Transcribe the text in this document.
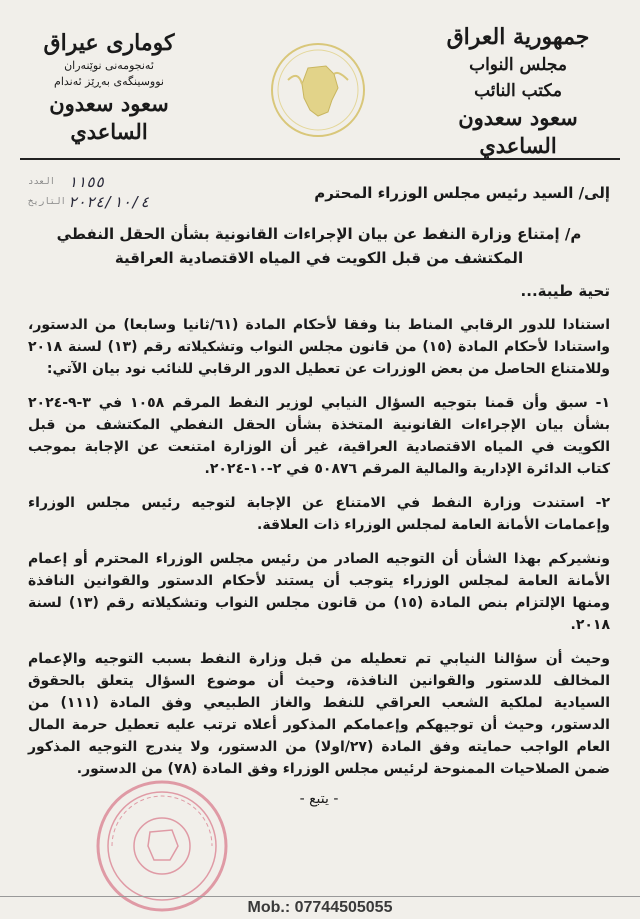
جمهورية العراق
مجلس النواب
مكتب النائب
سعود سعدون الساعدي
كوماری عیراق
ئەنجومەنی نوێنەران
نووسینگەی بەڕێز ئەندام
سعود سعدون الساعدي
العدد ١١٥٥
التاريخ ٢٠٢٤/١٠/٤	إلى/ السيد رئيس مجلس الوزراء المحترم

م/ إمتناع وزارة النفط عن بيان الإجراءات القانونية بشأن الحقل النفطي المكتشف من قبل الكويت في المياه الاقتصادية العراقية

تحية طيبة...

استنادا للدور الرقابي المناط بنا وفقا لأحكام المادة (٦١/ثانيا وسابعا) من الدستور، واستنادا لأحكام المادة (١٥) من قانون مجلس النواب وتشكيلاته رقم (١٣) لسنة ٢٠١٨ وللامتناع الحاصل من بعض الوزرات عن تعطيل الدور الرقابي للنائب نود بيان الآتي:

١- سبق وأن قمنا بتوجيه السؤال النيابي لوزير النفط المرقم ١٠٥٨ في ٣-٩-٢٠٢٤ بشأن بيان الإجراءات القانونية المتخذة بشأن الحقل النفطي المكتشف من قبل الكويت في المياه الاقتصادية العراقية، غير أن الوزارة امتنعت عن الإجابة بموجب كتاب الدائرة الإدارية والمالية المرقم ٥٠٨٧٦ في ٢-١٠-٢٠٢٤.

٢- استندت وزارة النفط في الامتناع عن الإجابة لتوجيه رئيس مجلس الوزراء وإعمامات الأمانة العامة لمجلس الوزراء ذات العلاقة.

ونشيركم بهذا الشأن أن التوجيه الصادر من رئيس مجلس الوزراء المحترم أو إعمام الأمانة العامة لمجلس الوزراء يتوجب أن يستند لأحكام الدستور والقوانين النافذة ومنها الإلتزام بنص المادة (١٥) من قانون مجلس النواب وتشكيلاته رقم (١٣) لسنة ٢٠١٨.

وحيث أن سؤالنا النيابي تم تعطيله من قبل وزارة النفط بسبب التوجيه والإعمام المخالف للدستور والقوانين النافذة، وحيث أن موضوع السؤال يتعلق بالحقوق السيادية لملكية الشعب العراقي للنفط والغاز الطبيعي وفق المادة (١١١) من الدستور، وحيث أن توجيهكم وإعمامكم المذكور أعلاه ترتب عليه تعطيل حرمة المال العام الواجب حمايته وفق المادة (٢٧/اولا) من الدستور، ولا يندرج التوجيه المذكور ضمن الصلاحيات الممنوحة لرئيس مجلس الوزراء وفق المادة (٧٨) من الدستور.

- يتبع -

Mob.: 07744505055
